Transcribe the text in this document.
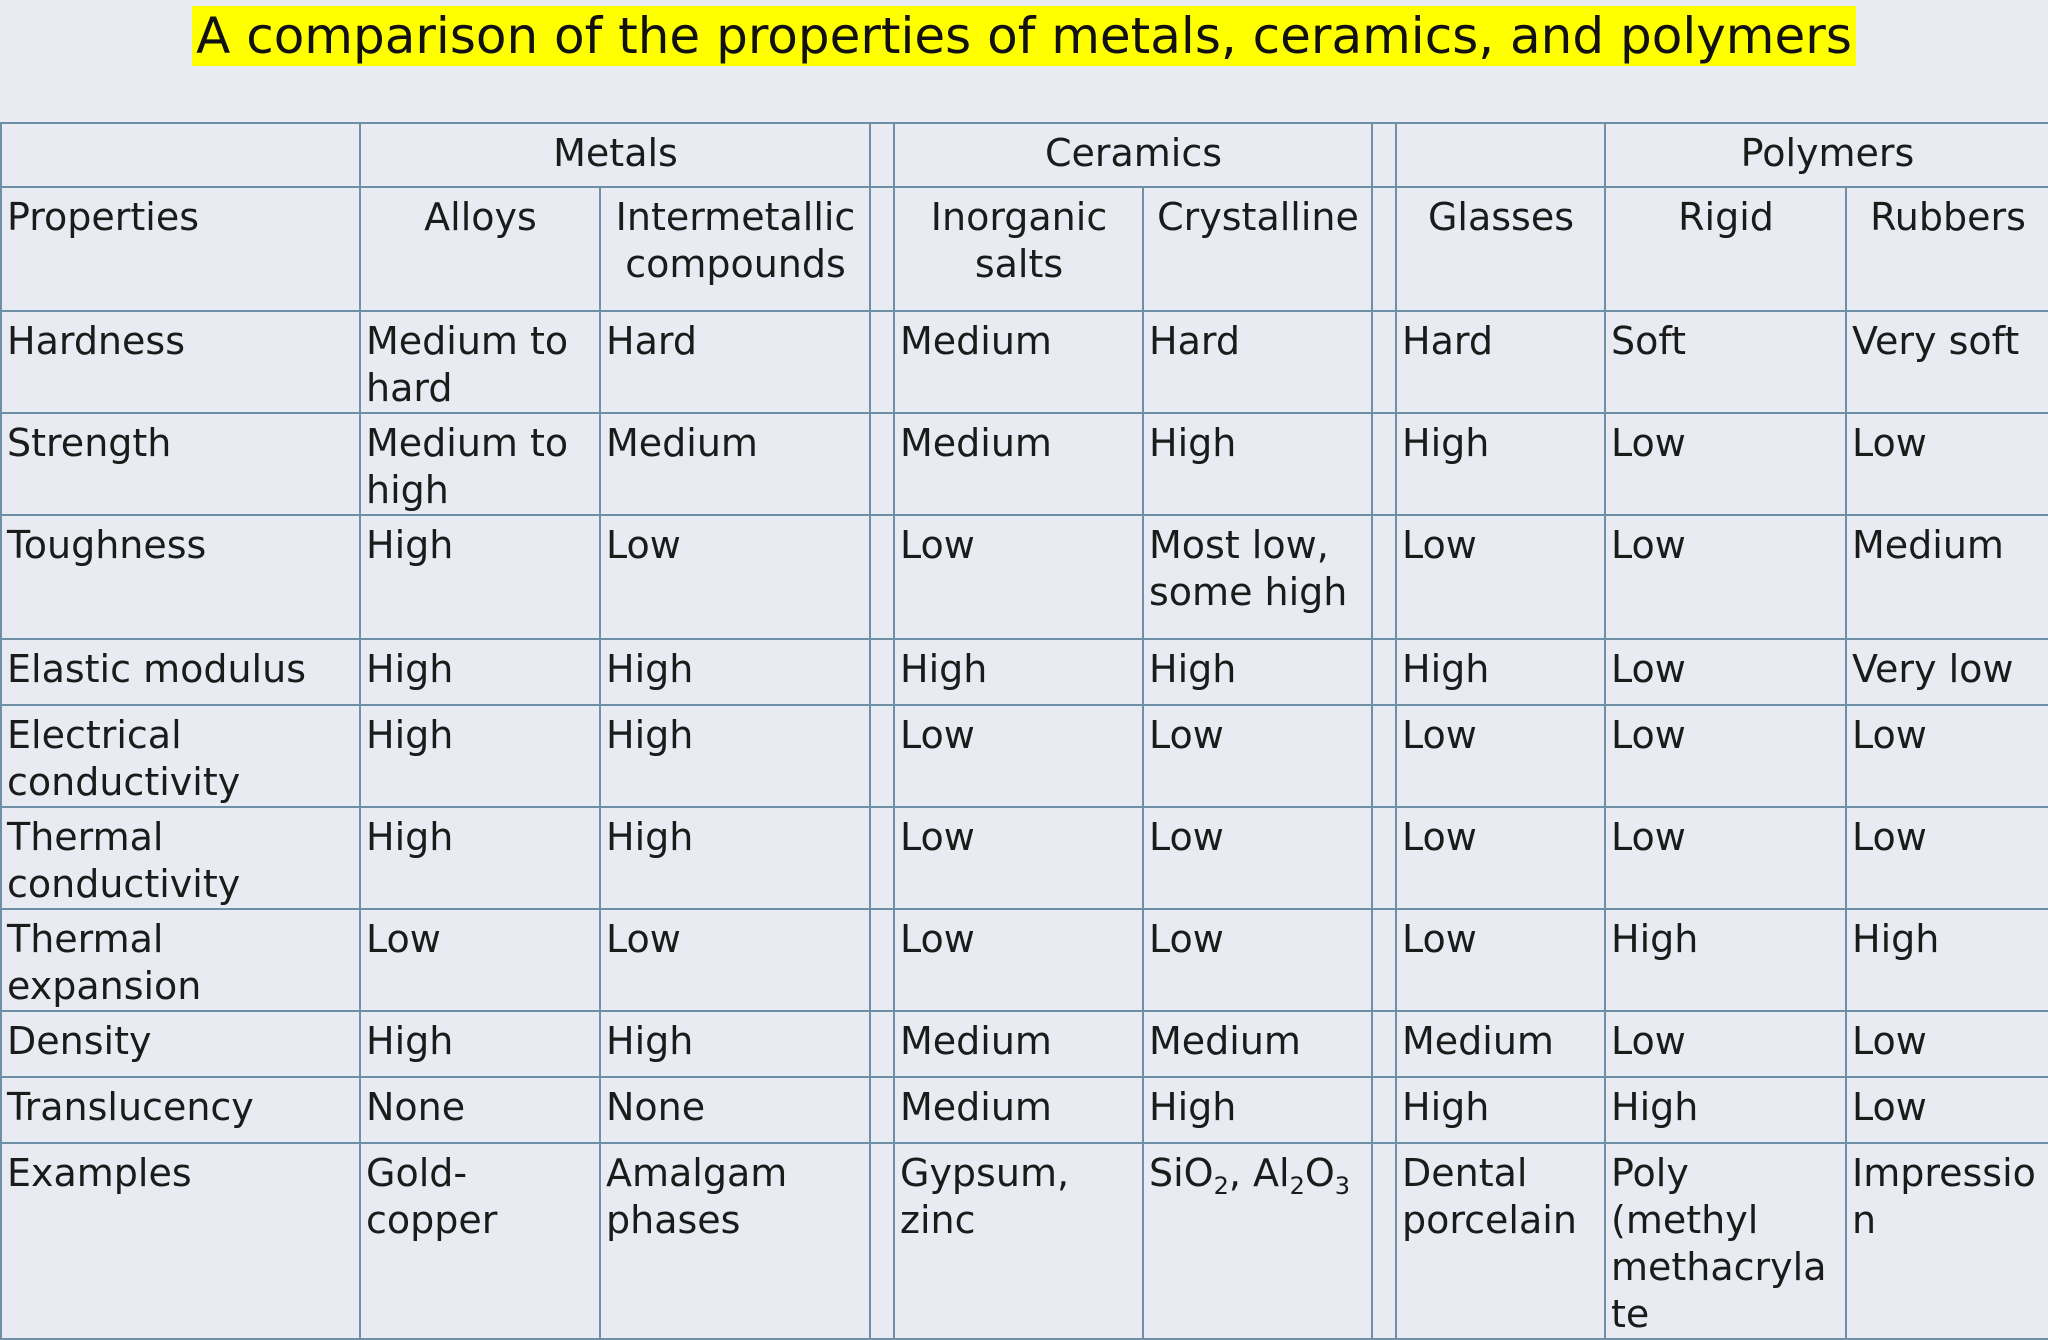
A comparison of the properties of metals, ceramics, and polymers
	Metals			Ceramics				Polymers	
Properties	Alloys	Intermetallic compounds		Inorganic salts	Crystalline		Glasses	Rigid	Rubbers
Hardness	Medium to hard	Hard		Medium	Hard		Hard	Soft	Very soft
Strength	Medium to high	Medium		Medium	High		High	Low	Low
Toughness	High	Low		Low	Most low, some high		Low	Low	Medium
Elastic modulus	High	High		High	High		High	Low	Very low
Electrical conductivity	High	High		Low	Low		Low	Low	Low
Thermal conductivity	High	High		Low	Low		Low	Low	Low
Thermal expansion	Low	Low		Low	Low		Low	High	High
Density	High	High		Medium	Medium		Medium	Low	Low
Translucency	None	None		Medium	High		High	High	Low
Examples	Gold-copper	Amalgam phases		Gypsum, zinc	SiO$_2$, $Al_2O_3$		Dental porcelain	Poly (methyl methacrylate	Impression
